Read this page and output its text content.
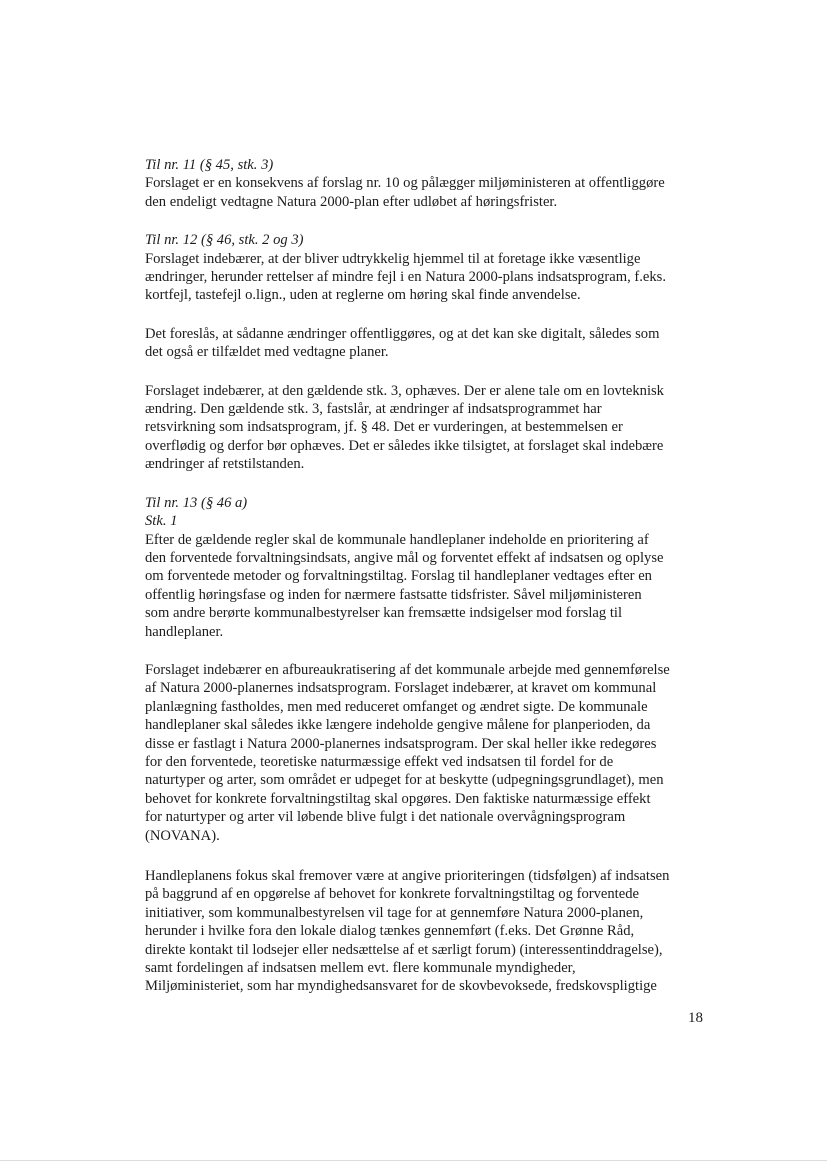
Til nr. 11 (§ 45, stk. 3)
Forslaget er en konsekvens af forslag nr. 10 og pålægger miljøministeren at offentliggøre
den endeligt vedtagne Natura 2000-plan efter udløbet af høringsfrister.
Til nr. 12 (§ 46, stk. 2 og 3)
Forslaget indebærer, at der bliver udtrykkelig hjemmel til at foretage ikke væsentlige
ændringer, herunder rettelser af mindre fejl i en Natura 2000-plans indsatsprogram, f.eks.
kortfejl, tastefejl o.lign., uden at reglerne om høring skal finde anvendelse.
Det foreslås, at sådanne ændringer offentliggøres, og at det kan ske digitalt, således som
det også er tilfældet med vedtagne planer.
Forslaget indebærer, at den gældende stk. 3, ophæves. Der er alene tale om en lovteknisk
ændring. Den gældende stk. 3, fastslår, at ændringer af indsatsprogrammet har
retsvirkning som indsatsprogram, jf. § 48. Det er vurderingen, at bestemmelsen er
overflødig og derfor bør ophæves. Det er således ikke tilsigtet, at forslaget skal indebære
ændringer af retstilstanden.
Til nr. 13 (§ 46 a)
Stk. 1
Efter de gældende regler skal de kommunale handleplaner indeholde en prioritering af
den forventede forvaltningsindsats, angive mål og forventet effekt af indsatsen og oplyse
om forventede metoder og forvaltningstiltag. Forslag til handleplaner vedtages efter en
offentlig høringsfase og inden for nærmere fastsatte tidsfrister. Såvel miljøministeren
som andre berørte kommunalbestyrelser kan fremsætte indsigelser mod forslag til
handleplaner.
Forslaget indebærer en afbureaukratisering af det kommunale arbejde med gennemførelse
af Natura 2000-planernes indsatsprogram. Forslaget indebærer, at kravet om kommunal
planlægning fastholdes, men med reduceret omfanget og ændret sigte. De kommunale
handleplaner skal således ikke længere indeholde gengive målene for planperioden, da
disse er fastlagt i Natura 2000-planernes indsatsprogram. Der skal heller ikke redegøres
for den forventede, teoretiske naturmæssige effekt ved indsatsen til fordel for de
naturtyper og arter, som området er udpeget for at beskytte (udpegningsgrundlaget), men
behovet for konkrete forvaltningstiltag skal opgøres. Den faktiske naturmæssige effekt
for naturtyper og arter vil løbende blive fulgt i det nationale overvågningsprogram
(NOVANA).
Handleplanens fokus skal fremover være at angive prioriteringen (tidsfølgen) af indsatsen
på baggrund af en opgørelse af behovet for konkrete forvaltningstiltag og forventede
initiativer, som kommunalbestyrelsen vil tage for at gennemføre Natura 2000-planen,
herunder i hvilke fora den lokale dialog tænkes gennemført (f.eks. Det Grønne Råd,
direkte kontakt til lodsejer eller nedsættelse af et særligt forum) (interessentinddragelse),
samt fordelingen af indsatsen mellem evt. flere kommunale myndigheder,
Miljøministeriet, som har myndighedsansvaret for de skovbevoksede, fredskovspligtige
18
